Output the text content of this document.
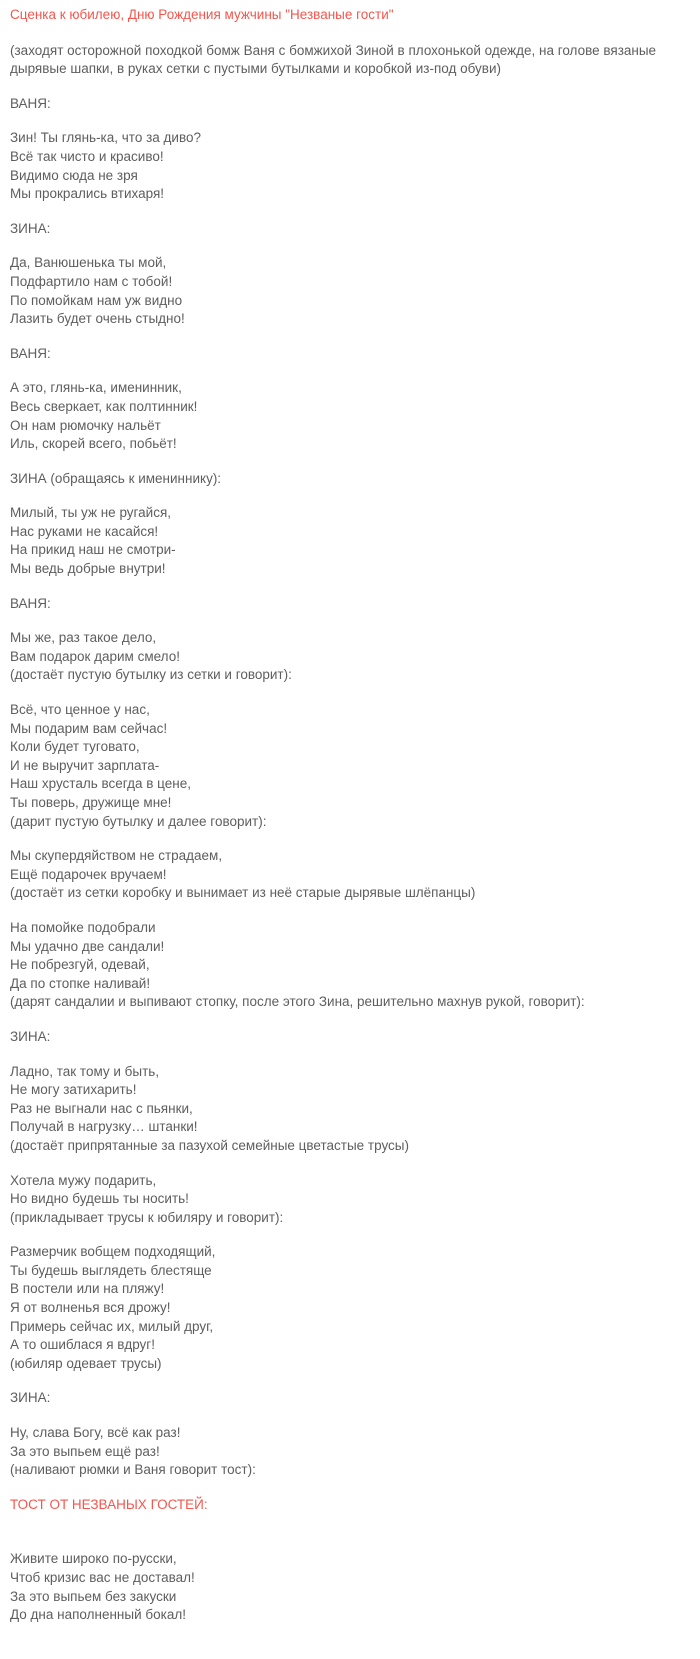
Сценка к юбилею, Дню Рождения мужчины "Незваные гости"

(заходят осторожной походкой бомж Ваня с бомжихой Зиной в плохонькой одежде, на голове вязаные дырявые шапки, в руках сетки с пустыми бутылками и коробкой из-под обуви)

ВАНЯ:

Зин! Ты глянь-ка, что за диво?
Всё так чисто и красиво!
Видимо сюда не зря
Мы прокрались втихаря!

ЗИНА:

Да, Ванюшенька ты мой,
Подфартило нам с тобой!
По помойкам нам уж видно
Лазить будет очень стыдно!

ВАНЯ:

А это, глянь-ка, именинник,
Весь сверкает, как полтинник!
Он нам рюмочку нальёт
Иль, скорей всего, побьёт!

ЗИНА (обращаясь к имениннику):

Милый, ты уж не ругайся,
Нас руками не касайся!
На прикид наш не смотри-
Мы ведь добрые внутри!

ВАНЯ:

Мы же, раз такое дело,
Вам подарок дарим смело!
(достаёт пустую бутылку из сетки и говорит):

Всё, что ценное у нас,
Мы подарим вам сейчас!
Коли будет туговато,
И не выручит зарплата-
Наш хрусталь всегда в цене,
Ты поверь, дружище мне!
(дарит пустую бутылку и далее говорит):

Мы скупердяйством не страдаем,
Ещё подарочек вручаем!
(достаёт из сетки коробку и вынимает из неё старые дырявые шлёпанцы)

На помойке подобрали
Мы удачно две сандали!
Не побрезгуй, одевай,
Да по стопке наливай!
(дарят сандалии и выпивают стопку, после этого Зина, решительно махнув рукой, говорит):

ЗИНА:

Ладно, так тому и быть,
Не могу затихарить!
Раз не выгнали нас с пьянки,
Получай в нагрузку… штанки!
(достаёт припрятанные за пазухой семейные цветастые трусы)

Хотела мужу подарить,
Но видно будешь ты носить!
(прикладывает трусы к юбиляру и говорит):

Размерчик вобщем подходящий,
Ты будешь выглядеть блестяще
В постели или на пляжу!
Я от волненья вся дрожу!
Примерь сейчас их, милый друг,
А то ошиблася я вдруг!
(юбиляр одевает трусы)

ЗИНА:

Ну, слава Богу, всё как раз!
За это выпьем ещё раз!
(наливают рюмки и Ваня говорит тост):

ТОСТ ОТ НЕЗВАНЫХ ГОСТЕЙ:

Живите широко по-русски,
Чтоб кризис вас не доставал!
За это выпьем без закуски
До дна наполненный бокал!
